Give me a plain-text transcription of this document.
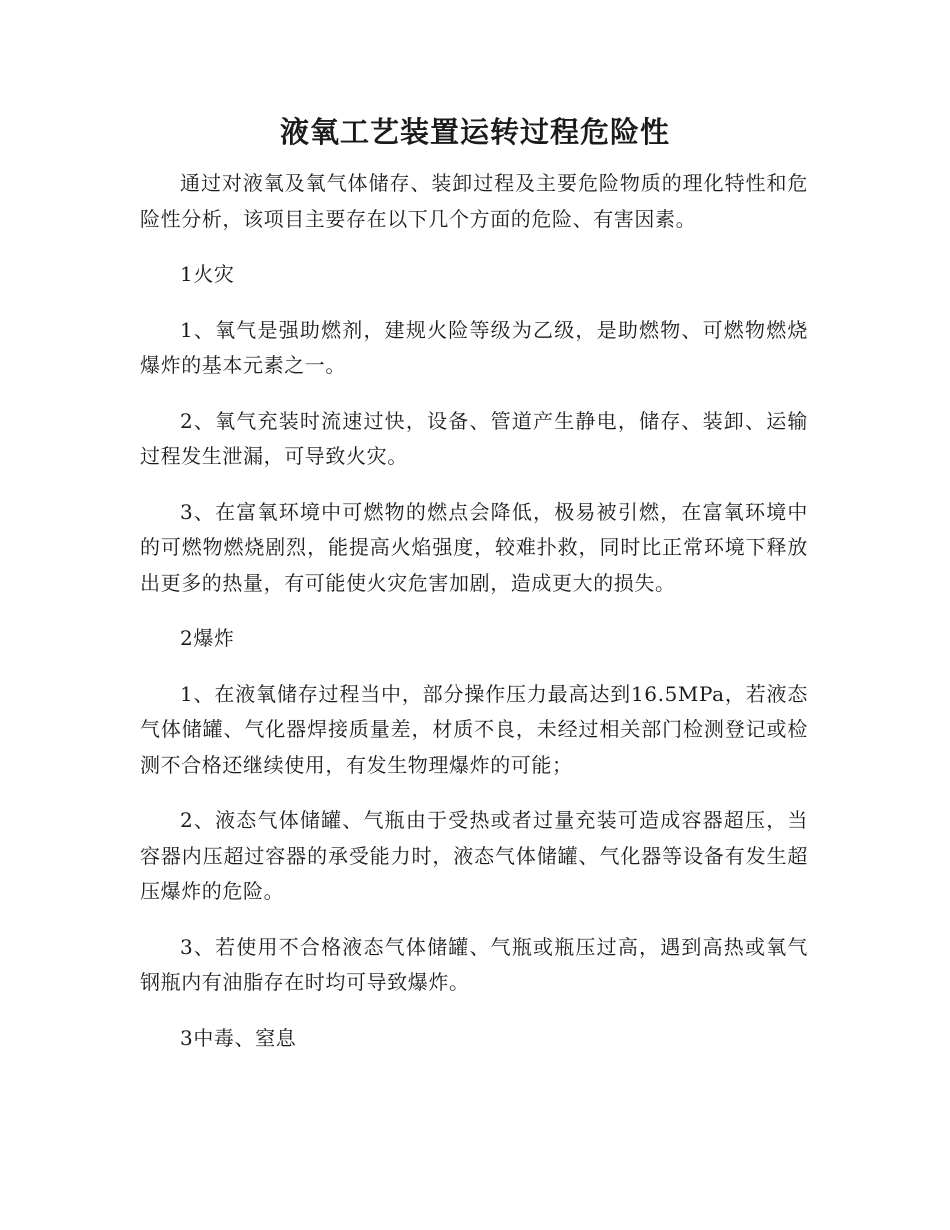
液氧工艺装置运转过程危险性

通过对液氧及氧气体储存、装卸过程及主要危险物质的理化特性和危险性分析，该项目主要存在以下几个方面的危险、有害因素。

1火灾

1、氧气是强助燃剂，建规火险等级为乙级，是助燃物、可燃物燃烧爆炸的基本元素之一。

2、氧气充装时流速过快，设备、管道产生静电，储存、装卸、运输过程发生泄漏，可导致火灾。

3、在富氧环境中可燃物的燃点会降低，极易被引燃，在富氧环境中的可燃物燃烧剧烈，能提高火焰强度，较难扑救，同时比正常环境下释放出更多的热量，有可能使火灾危害加剧，造成更大的损失。

2爆炸

1、在液氧储存过程当中，部分操作压力最高达到16.5MPa，若液态气体储罐、气化器焊接质量差，材质不良，未经过相关部门检测登记或检测不合格还继续使用，有发生物理爆炸的可能；

2、液态气体储罐、气瓶由于受热或者过量充装可造成容器超压，当容器内压超过容器的承受能力时，液态气体储罐、气化器等设备有发生超压爆炸的危险。

3、若使用不合格液态气体储罐、气瓶或瓶压过高，遇到高热或氧气钢瓶内有油脂存在时均可导致爆炸。

3中毒、窒息
